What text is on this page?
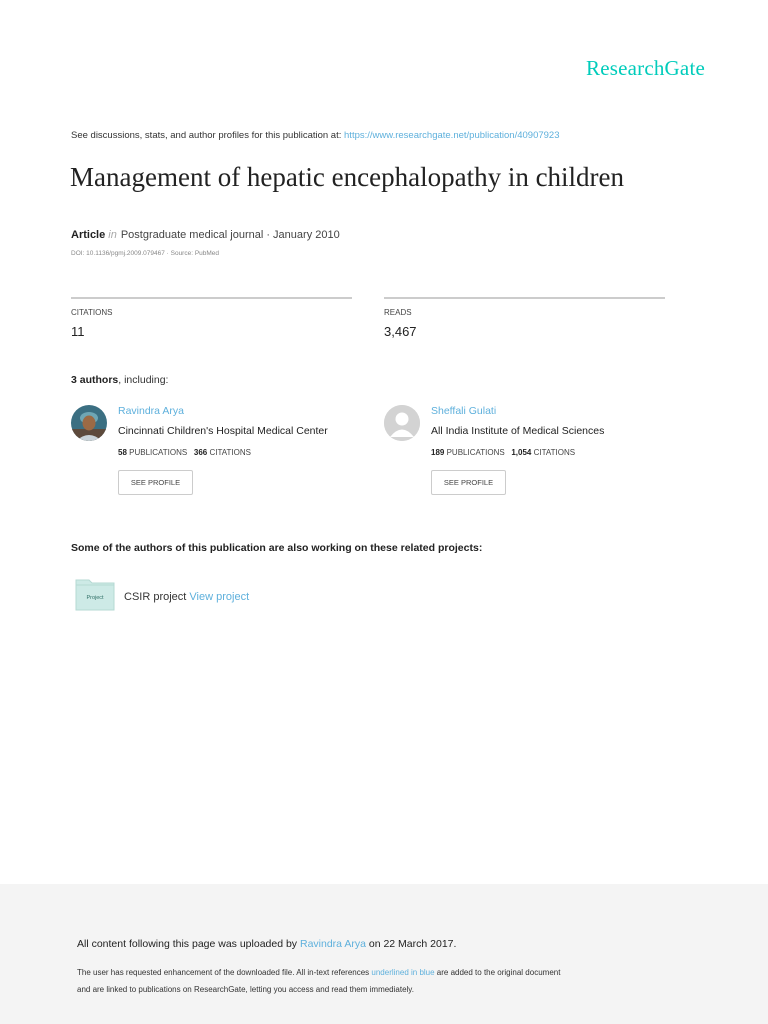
ResearchGate
See discussions, stats, and author profiles for this publication at: https://www.researchgate.net/publication/40907923
Management of hepatic encephalopathy in children
Article in Postgraduate medical journal · January 2010
DOI: 10.1136/pgmj.2009.079467 · Source: PubMed
CITATIONS
11
READS
3,467
3 authors, including:
Ravindra Arya
Cincinnati Children's Hospital Medical Center
58 PUBLICATIONS 366 CITATIONS
SEE PROFILE
Sheffali Gulati
All India Institute of Medical Sciences
189 PUBLICATIONS 1,054 CITATIONS
SEE PROFILE
Some of the authors of this publication are also working on these related projects:
Project CSIR project View project
All content following this page was uploaded by Ravindra Arya on 22 March 2017.
The user has requested enhancement of the downloaded file. All in-text references underlined in blue are added to the original document
and are linked to publications on ResearchGate, letting you access and read them immediately.
